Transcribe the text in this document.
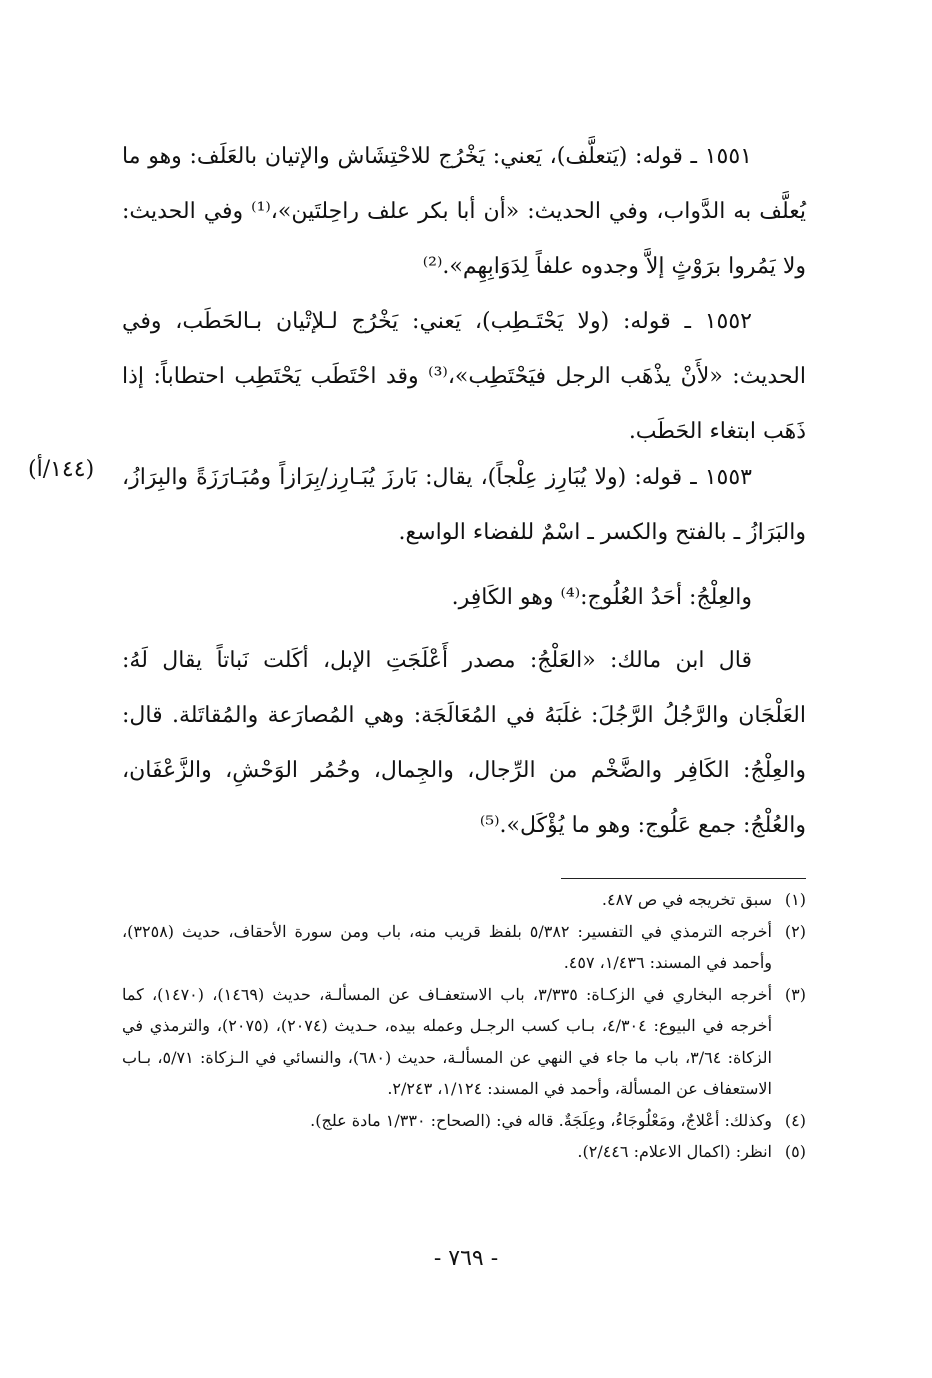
١٥٥١ ـ قوله: (يَتعلَّف)، يَعني: يَخْرُج للاحْتِشَاش والإتيان بالعَلَف: وهو ما يُعلَّف به الدَّواب، وفي الحديث: «أن أبا بكر علف راحِلتَين»،⁽¹⁾ وفي الحديث: ولا يَمُروا برَوْثٍ إلاَّ وجدوه علفاً لِدَوَابِهِم».⁽²⁾

١٥٥٢ ـ قوله: (ولا يَحْتَـطِب)، يَعني: يَخْرُج لـلإتْيان بـالحَطَب، وفي الحديث: «لأَنْ يذْهَب الرجل فيَحْتَطِب»،⁽³⁾ وقد احْتَطَب يَحْتَطِب احتطاباً: إذا ذَهَب ابتغاء الحَطَب.

١٥٥٣ ـ قوله: (ولا يُبَارِز عِلْجاً)، يقال: بَارزَ يُبَـارِز/بِرَازاً ومُبَـارَزَةً والبِرَازُ، والبَرَازُ ـ بالفتح والكسر ـ اسْمٌ للفضاء الواسع.

(١٤٤/أ)

والعِلْجُ: أحَدُ العُلُوج:⁽⁴⁾ وهو الكَافِر.

قال ابن مالك: «العَلْجُ: مصدر أَعْلَجَتِ الإبل، أكَلت نَباتاً يقال لَهُ: العَلْجَان والرَّجُلُ الرَّجُلَ: غلَبَهُ في المُعَالَجَة: وهي المُصارَعة والمُقاتَلة. قال: والعِلْجُ: الكَافِر والضَّخْم من الرِّجال، والجِمال، وحُمُر الوَحْشِ، والزَّعْفَان، والعُلْجُ: جمع عَلُوج: وهو ما يُؤْكَل».⁽⁵⁾

(١)
سبق تخريجه في ص ٤٨٧.
(٢)
أخرجه الترمذي في التفسير: ٥/٣٨٢ بلفظ قريب منه، باب ومن سورة الأحقاف، حديث (٣٢٥٨)، وأحمد في المسند: ١/٤٣٦، ٤٥٧.
(٣)
أخرجه البخاري في الزكـاة: ٣/٣٣٥، باب الاستعفـاف عن المسألـة، حديث (١٤٦٩)، (١٤٧٠)، كما أخرجه في البيوع: ٤/٣٠٤، بـاب كسب الرجـل وعمله بيده، حـديث (٢٠٧٤)، (٢٠٧٥)، والترمذي في الزكاة: ٣/٦٤، باب ما جاء في النهي عن المسألـة، حديث (٦٨٠)، والنسائي في الـزكاة: ٥/٧١، بـاب الاستعفاف عن المسألة، وأحمد في المسند: ١/١٢٤، ٢/٢٤٣.
(٤)
وكذلك: أعْلاجٌ، ومَعْلُوجَاءُ، وعِلَجَةٌ. قاله في: (الصحاح: ١/٣٣٠ مادة علج).
(٥)
انظر: (اكمال الاعلام: ٢/٤٤٦).
- ٧٦٩ -
